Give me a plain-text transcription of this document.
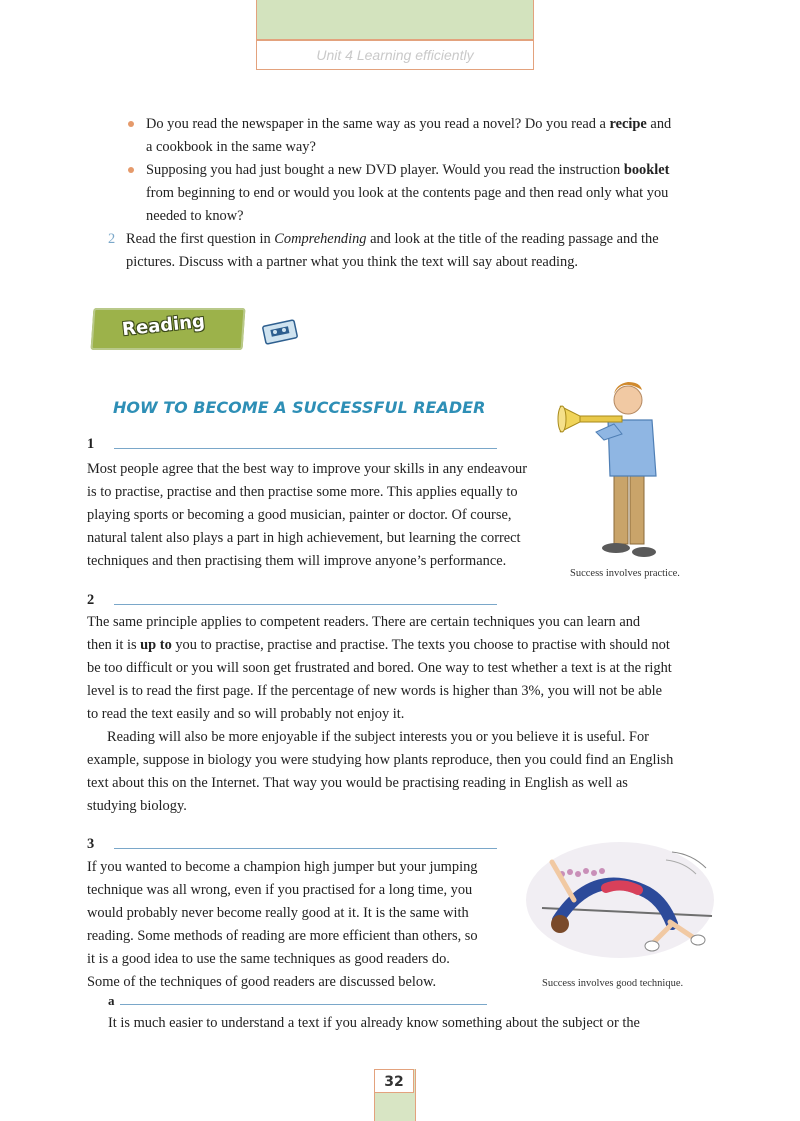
Unit 4 Learning efficiently
Do you read the newspaper in the same way as you read a novel? Do you read a recipe and
a cookbook in the same way?
Supposing you had just bought a new DVD player. Would you read the instruction booklet
from beginning to end or would you look at the contents page and then read only what you
needed to know?
2 Read the first question in Comprehending and look at the title of the reading passage and the
pictures. Discuss with a partner what you think the text will say about reading.
Reading
HOW TO BECOME A SUCCESSFUL READER
1
Most people agree that the best way to improve your skills in any endeavour
is to practise, practise and then practise some more. This applies equally to
playing sports or becoming a good musician, painter or doctor. Of course,
natural talent also plays a part in high achievement, but learning the correct
techniques and then practising them will improve anyone’s performance.
Success involves practice.
2
The same principle applies to competent readers. There are certain techniques you can learn and
then it is up to you to practise, practise and practise. The texts you choose to practise with should not
be too difficult or you will soon get frustrated and bored. One way to test whether a text is at the right
level is to read the first page. If the percentage of new words is higher than 3%, you will not be able
to read the text easily and so will probably not enjoy it.
Reading will also be more enjoyable if the subject interests you or you believe it is useful. For
example, suppose in biology you were studying how plants reproduce, then you could find an English
text about this on the Internet. That way you would be practising reading in English as well as
studying biology.
3
If you wanted to become a champion high jumper but your jumping
technique was all wrong, even if you practised for a long time, you
would probably never become really good at it. It is the same with
reading. Some methods of reading are more efficient than others, so
it is a good idea to use the same techniques as good readers do.
Some of the techniques of good readers are discussed below.	Success involves good technique.
a
It is much easier to understand a text if you already know something about the subject or the
32
